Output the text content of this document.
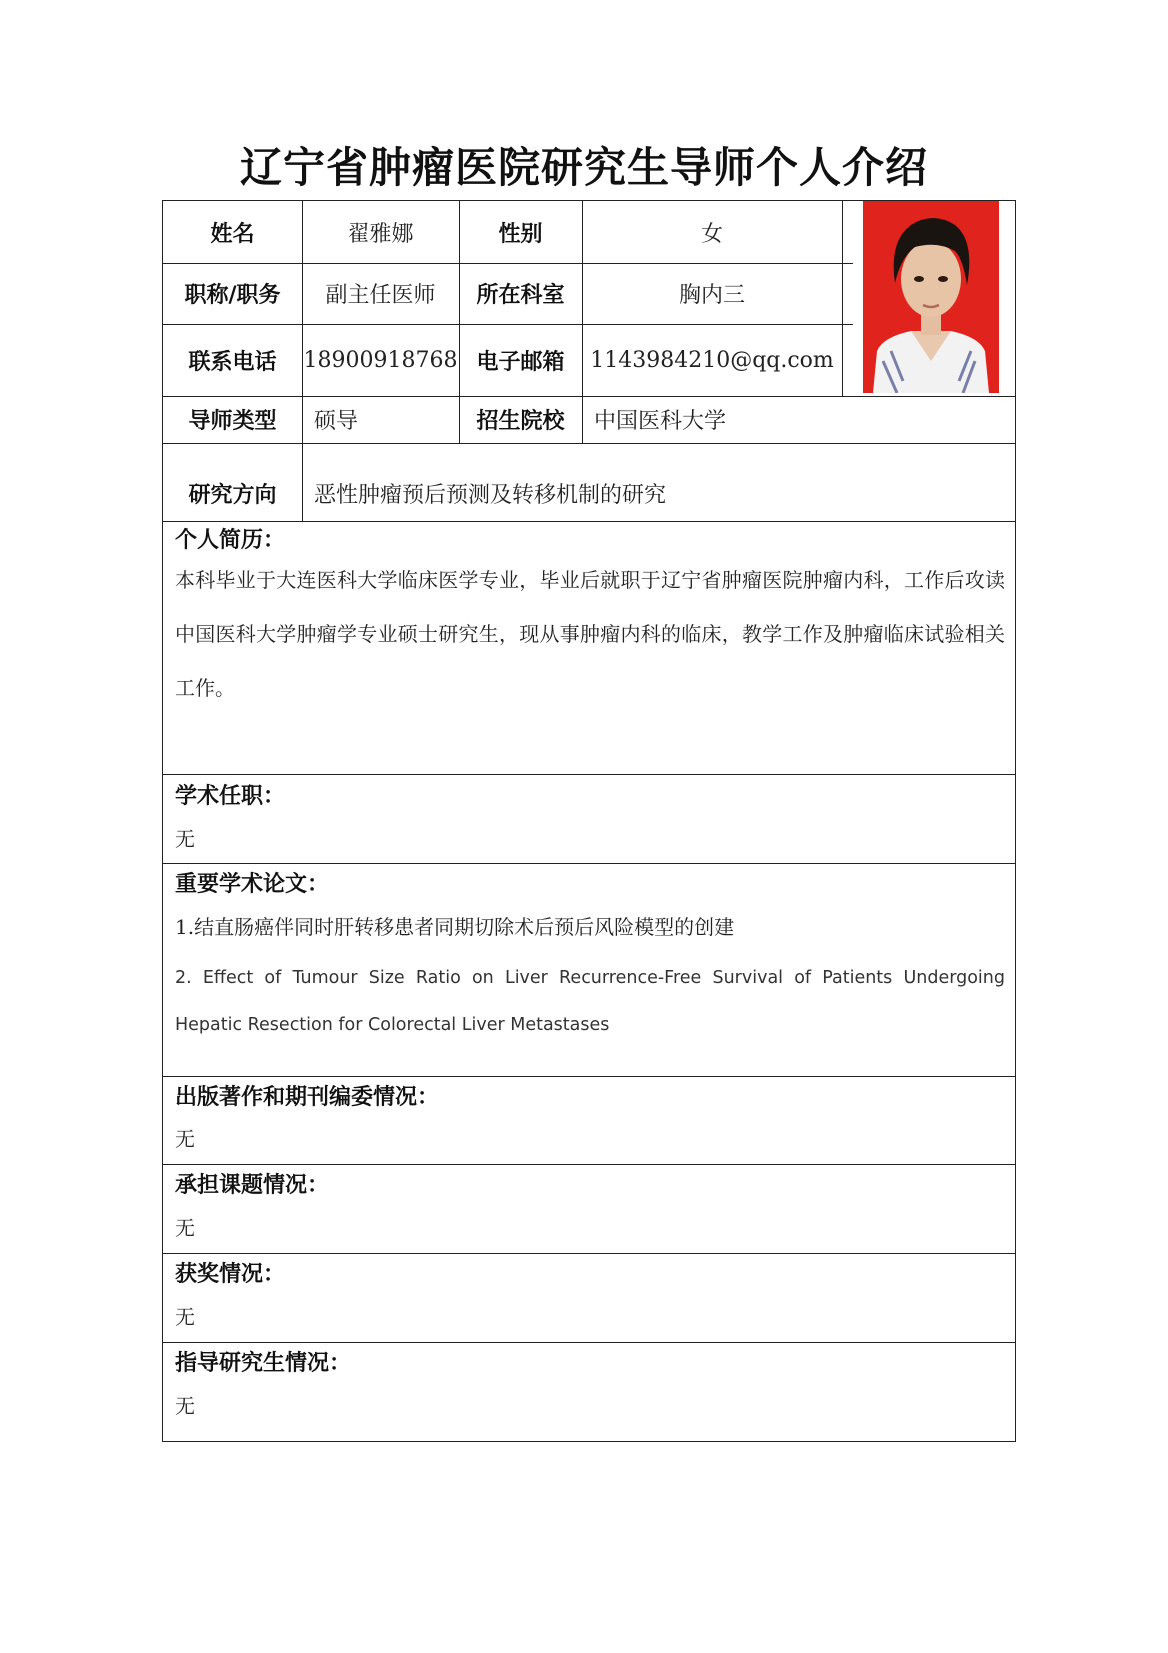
辽宁省肿瘤医院研究生导师个人介绍
姓名	翟雅娜	性别	女
职称/职务	副主任医师	所在科室	胸内三
联系电话	18900918768 电子邮箱	1143984210@qq.com
导师类型	硕导	招生院校	中国医科大学
研究方向	恶性肿瘤预后预测及转移机制的研究
个人简历：
本科毕业于大连医科大学临床医学专业，毕业后就职于辽宁省肿瘤医院肿瘤内科，工作后攻读中国医科大学肿瘤学专业硕士研究生，现从事肿瘤内科的临床，教学工作及肿瘤临床试验相关工作。
学术任职：
无
重要学术论文：
1.结直肠癌伴同时肝转移患者同期切除术后预后风险模型的创建
2. Effect of Tumour Size Ratio on Liver Recurrence-Free Survival of Patients Undergoing Hepatic Resection for Colorectal Liver Metastases
出版著作和期刊编委情况：
无
承担课题情况：
无
获奖情况：
无
指导研究生情况：
无
